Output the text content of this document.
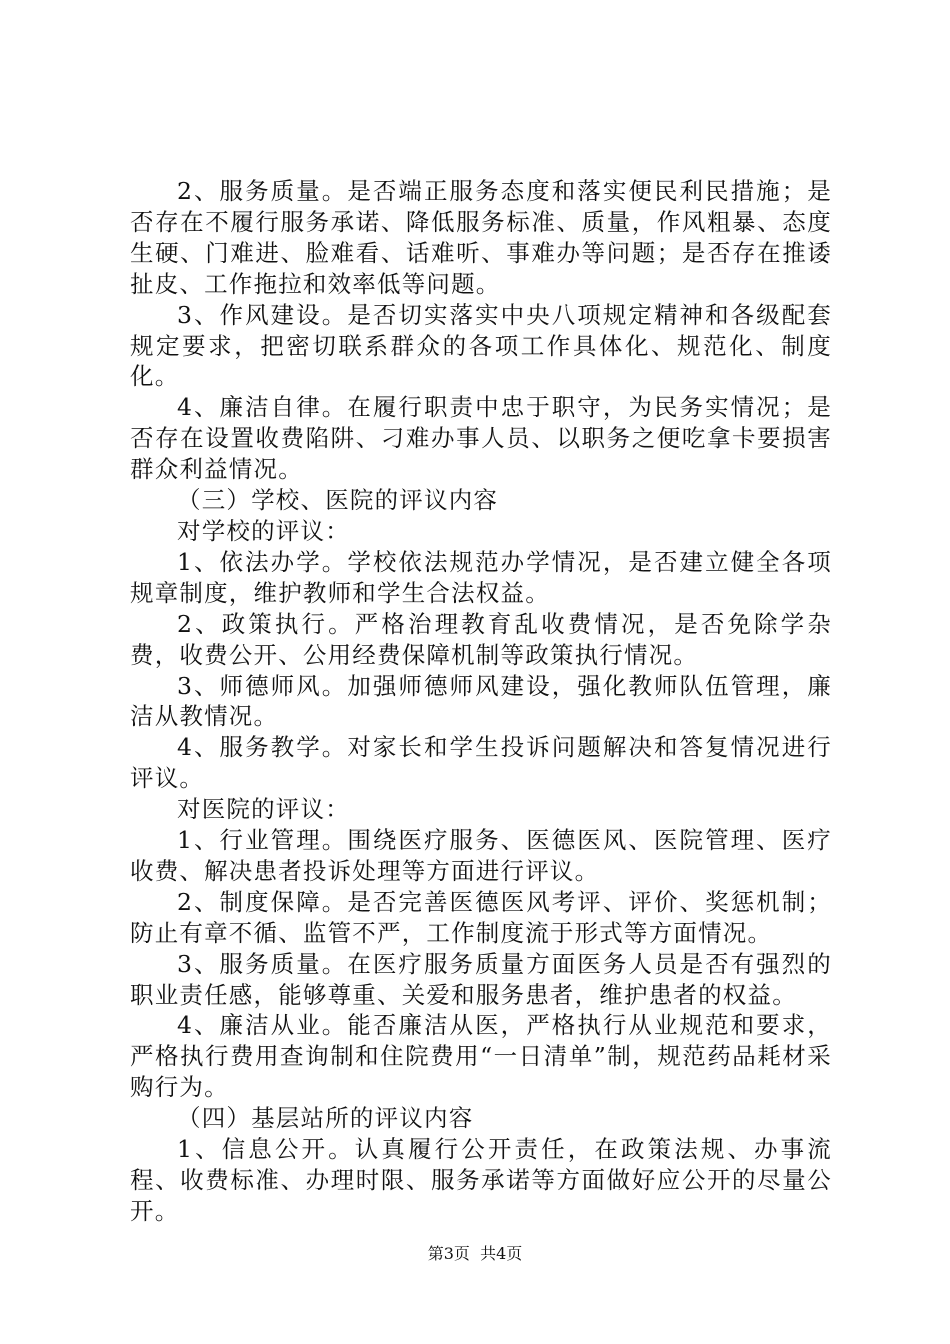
2、服务质量。是否端正服务态度和落实便民利民措施；是否存在不履行服务承诺、降低服务标准、质量，作风粗暴、态度生硬、门难进、脸难看、话难听、事难办等问题；是否存在推诿扯皮、工作拖拉和效率低等问题。

3、作风建设。是否切实落实中央八项规定精神和各级配套规定要求，把密切联系群众的各项工作具体化、规范化、制度化。

4、廉洁自律。在履行职责中忠于职守，为民务实情况；是否存在设置收费陷阱、刁难办事人员、以职务之便吃拿卡要损害群众利益情况。

（三）学校、医院的评议内容

对学校的评议：

1、依法办学。学校依法规范办学情况，是否建立健全各项规章制度，维护教师和学生合法权益。

2、政策执行。严格治理教育乱收费情况，是否免除学杂费，收费公开、公用经费保障机制等政策执行情况。

3、师德师风。加强师德师风建设，强化教师队伍管理，廉洁从教情况。

4、服务教学。对家长和学生投诉问题解决和答复情况进行评议。

对医院的评议：

1、行业管理。围绕医疗服务、医德医风、医院管理、医疗收费、解决患者投诉处理等方面进行评议。

2、制度保障。是否完善医德医风考评、评价、奖惩机制；防止有章不循、监管不严，工作制度流于形式等方面情况。

3、服务质量。在医疗服务质量方面医务人员是否有强烈的职业责任感，能够尊重、关爱和服务患者，维护患者的权益。

4、廉洁从业。能否廉洁从医，严格执行从业规范和要求，严格执行费用查询制和住院费用“一日清单”制，规范药品耗材采购行为。

（四）基层站所的评议内容

1、信息公开。认真履行公开责任，在政策法规、办事流程、收费标准、办理时限、服务承诺等方面做好应公开的尽量公开。

第3页  共4页
